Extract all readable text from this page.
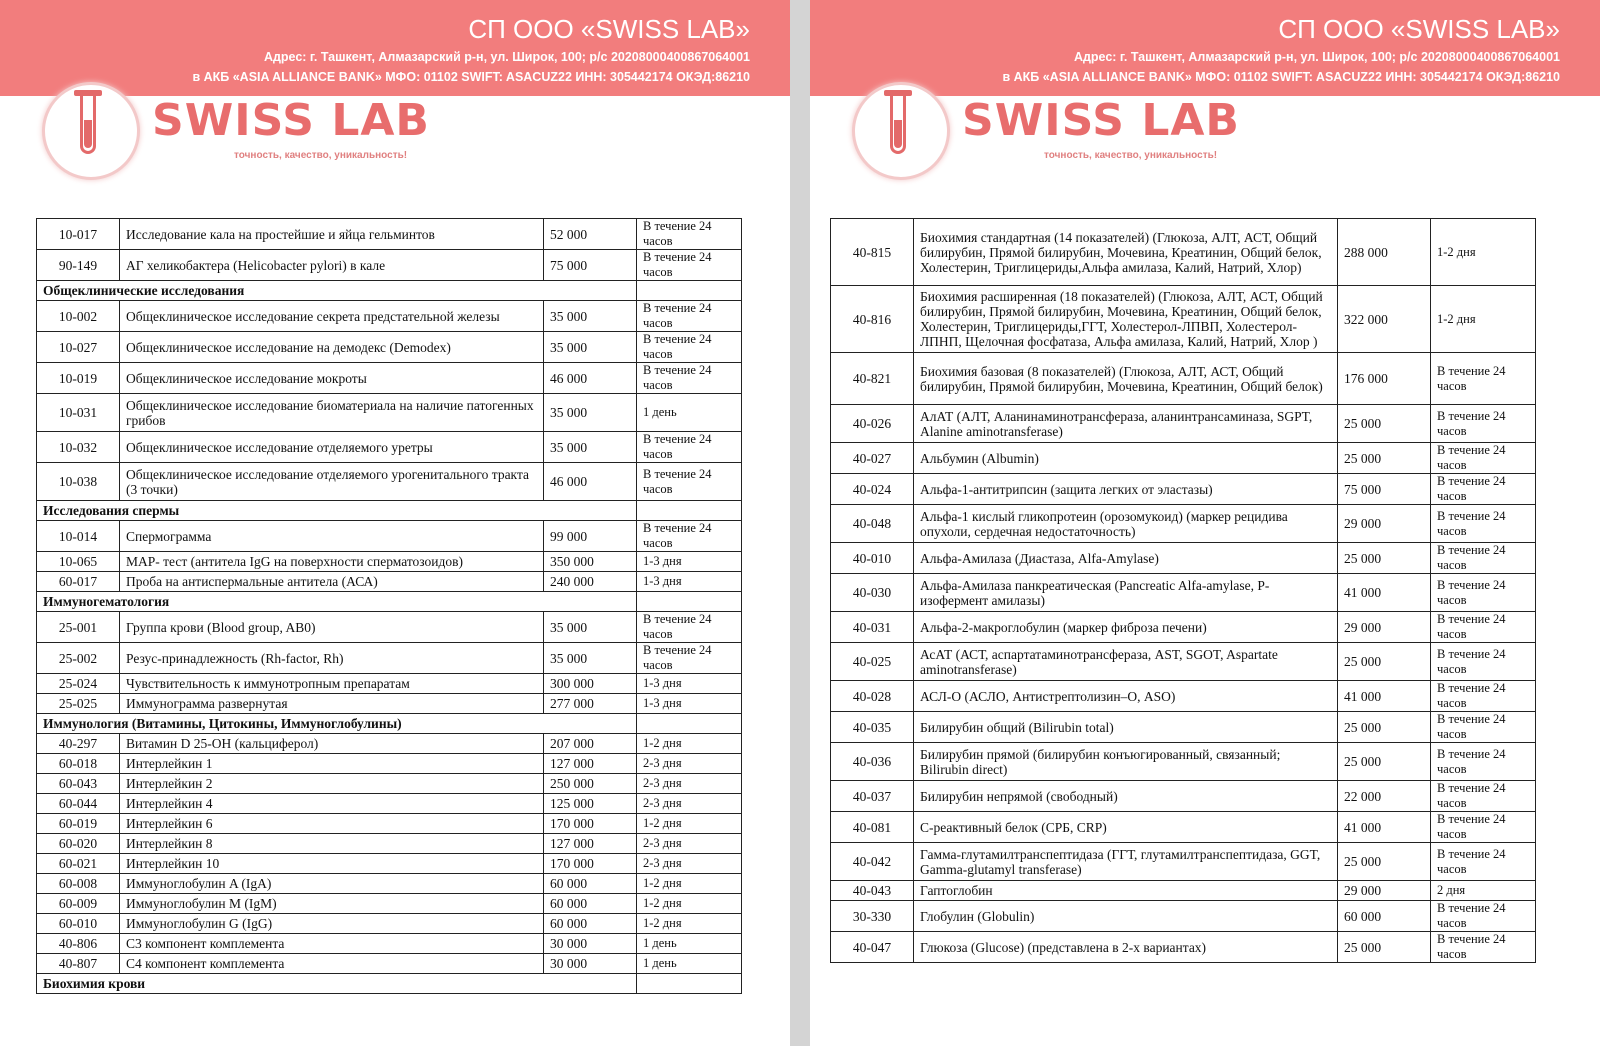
СП ООО «SWISS LAB»
Адрес: г. Ташкент, Алмазарский р-н, ул. Широк, 100; р/с 20208000400867064001
в АКБ «ASIA ALLIANCE BANK» МФО: 01102 SWIFT: ASACUZ22 ИНН: 305442174 ОКЭД:86210
SWISS LAB
точность, качество, уникальность!
10-017	Исследование кала на простейшие и яйца гельминтов	52 000	В течение 24 часов
90-149	АГ хеликобактера (Helicobacter pylori) в кале	75 000	В течение 24 часов
Общеклинические исследования			
10-002	Общеклиническое исследование секрета предстательной железы	35 000	В течение 24 часов
10-027	Общеклиническое исследование на демодекс (Demodex)	35 000	В течение 24 часов
10-019	Общеклиническое исследование мокроты	46 000	В течение 24 часов
10-031	Общеклиническое исследование биоматериала на наличие патогенных грибов	35 000	1 день
10-032	Общеклиническое исследование отделяемого уретры	35 000	В течение 24 часов
10-038	Общеклиническое исследование отделяемого урогенитального тракта (3 точки)	46 000	В течение 24 часов
Исследования спермы			
10-014	Спермограмма	99 000	В течение 24 часов
10-065	MAP- тест (антитела IgG на поверхности сперматозоидов)	350 000	1-3 дня
60-017	Проба на антиспермальные антитела (АСА)	240 000	1-3 дня
Иммуногематология			
25-001	Группа крови (Blood group, AB0)	35 000	В течение 24 часов
25-002	Резус-принадлежность (Rh-factor, Rh)	35 000	В течение 24 часов
25-024	Чувствительность к иммунотропным препаратам	300 000	1-3 дня
25-025	Иммунограмма развернутая	277 000	1-3 дня
Иммунология (Витамины, Цитокины, Иммуноглобулины)			
40-297	Витамин D 25-OH (кальциферол)	207 000	1-2 дня
60-018	Интерлейкин 1	127 000	2-3 дня
60-043	Интерлейкин 2	250 000	2-3 дня
60-044	Интерлейкин 4	125 000	2-3 дня
60-019	Интерлейкин 6	170 000	1-2 дня
60-020	Интерлейкин 8	127 000	2-3 дня
60-021	Интерлейкин 10	170 000	2-3 дня
60-008	Иммуноглобулин A (IgA)	60 000	1-2 дня
60-009	Иммуноглобулин M (IgM)	60 000	1-2 дня
60-010	Иммуноглобулин G (IgG)	60 000	1-2 дня
40-806	С3 компонент комплемента	30 000	1 день
40-807	С4 компонент комплемента	30 000	1 день
Биохимия крови			
СП ООО «SWISS LAB»
Адрес: г. Ташкент, Алмазарский р-н, ул. Широк, 100; р/с 20208000400867064001
в АКБ «ASIA ALLIANCE BANK» МФО: 01102 SWIFT: ASACUZ22 ИНН: 305442174 ОКЭД:86210
SWISS LAB
точность, качество, уникальность!
40-815	Биохимия стандартная (14 показателей) (Глюкоза, АЛТ, АСТ, Общий билирубин, Прямой билирубин, Мочевина, Креатинин, Общий белок, Холестерин, Триглицериды,Альфа амилаза, Калий, Натрий, Хлор)	288 000	1-2 дня
40-816	Биохимия расширенная (18 показателей) (Глюкоза, АЛТ, АСТ, Общий билирубин, Прямой билирубин, Мочевина, Креатинин, Общий белок, Холестерин, Триглицериды,ГГТ, Холестерол-ЛПВП, Холестерол-ЛПНП, Щелочная фосфатаза, Альфа амилаза, Калий, Натрий, Хлор )	322 000	1-2 дня
40-821	Биохимия базовая (8 показателей) (Глюкоза, АЛТ, АСТ, Общий билирубин, Прямой билирубин, Мочевина, Креатинин, Общий белок)	176 000	В течение 24 часов
40-026	АлАТ (АЛТ, Аланинаминотрансфераза, аланинтрансаминаза, SGPT, Alanine aminotransferase)	25 000	В течение 24 часов
40-027	Альбумин (Albumin)	25 000	В течение 24 часов
40-024	Альфа-1-антитрипсин (защита легких от эластазы)	75 000	В течение 24 часов
40-048	Альфа-1 кислый гликопротеин (орозомукоид) (маркер рецидива опухоли, сердечная недостаточность)	29 000	В течение 24 часов
40-010	Альфа-Амилаза (Диастаза, Alfa-Amylase)	25 000	В течение 24 часов
40-030	Альфа-Амилаза панкреатическая (Pancreatic Alfa-amylase, P-изофермент амилазы)	41 000	В течение 24 часов
40-031	Альфа-2-макроглобулин (маркер фиброза печени)	29 000	В течение 24 часов
40-025	АсАТ (АСТ, аспартатаминотрансфераза, AST, SGOT, Aspartate aminotransferase)	25 000	В течение 24 часов
40-028	АСЛ-О (АСЛО, Антистрептолизин–О, ASO)	41 000	В течение 24 часов
40-035	Билирубин общий (Bilirubin total)	25 000	В течение 24 часов
40-036	Билирубин прямой (билирубин конъюгированный, связанный; Bilirubin direct)	25 000	В течение 24 часов
40-037	Билирубин непрямой (свободный)	22 000	В течение 24 часов
40-081	С-реактивный белок (СРБ, CRP)	41 000	В течение 24 часов
40-042	Гамма-глутамилтранспептидаза (ГГТ, глутамилтранспептидаза, GGT, Gamma-glutamyl transferase)	25 000	В течение 24 часов
40-043	Гаптоглобин	29 000	2 дня
30-330	Глобулин (Globulin)	60 000	В течение 24 часов
40-047	Глюкоза (Glucose) (представлена в 2-х вариантах)	25 000	В течение 24 часов
